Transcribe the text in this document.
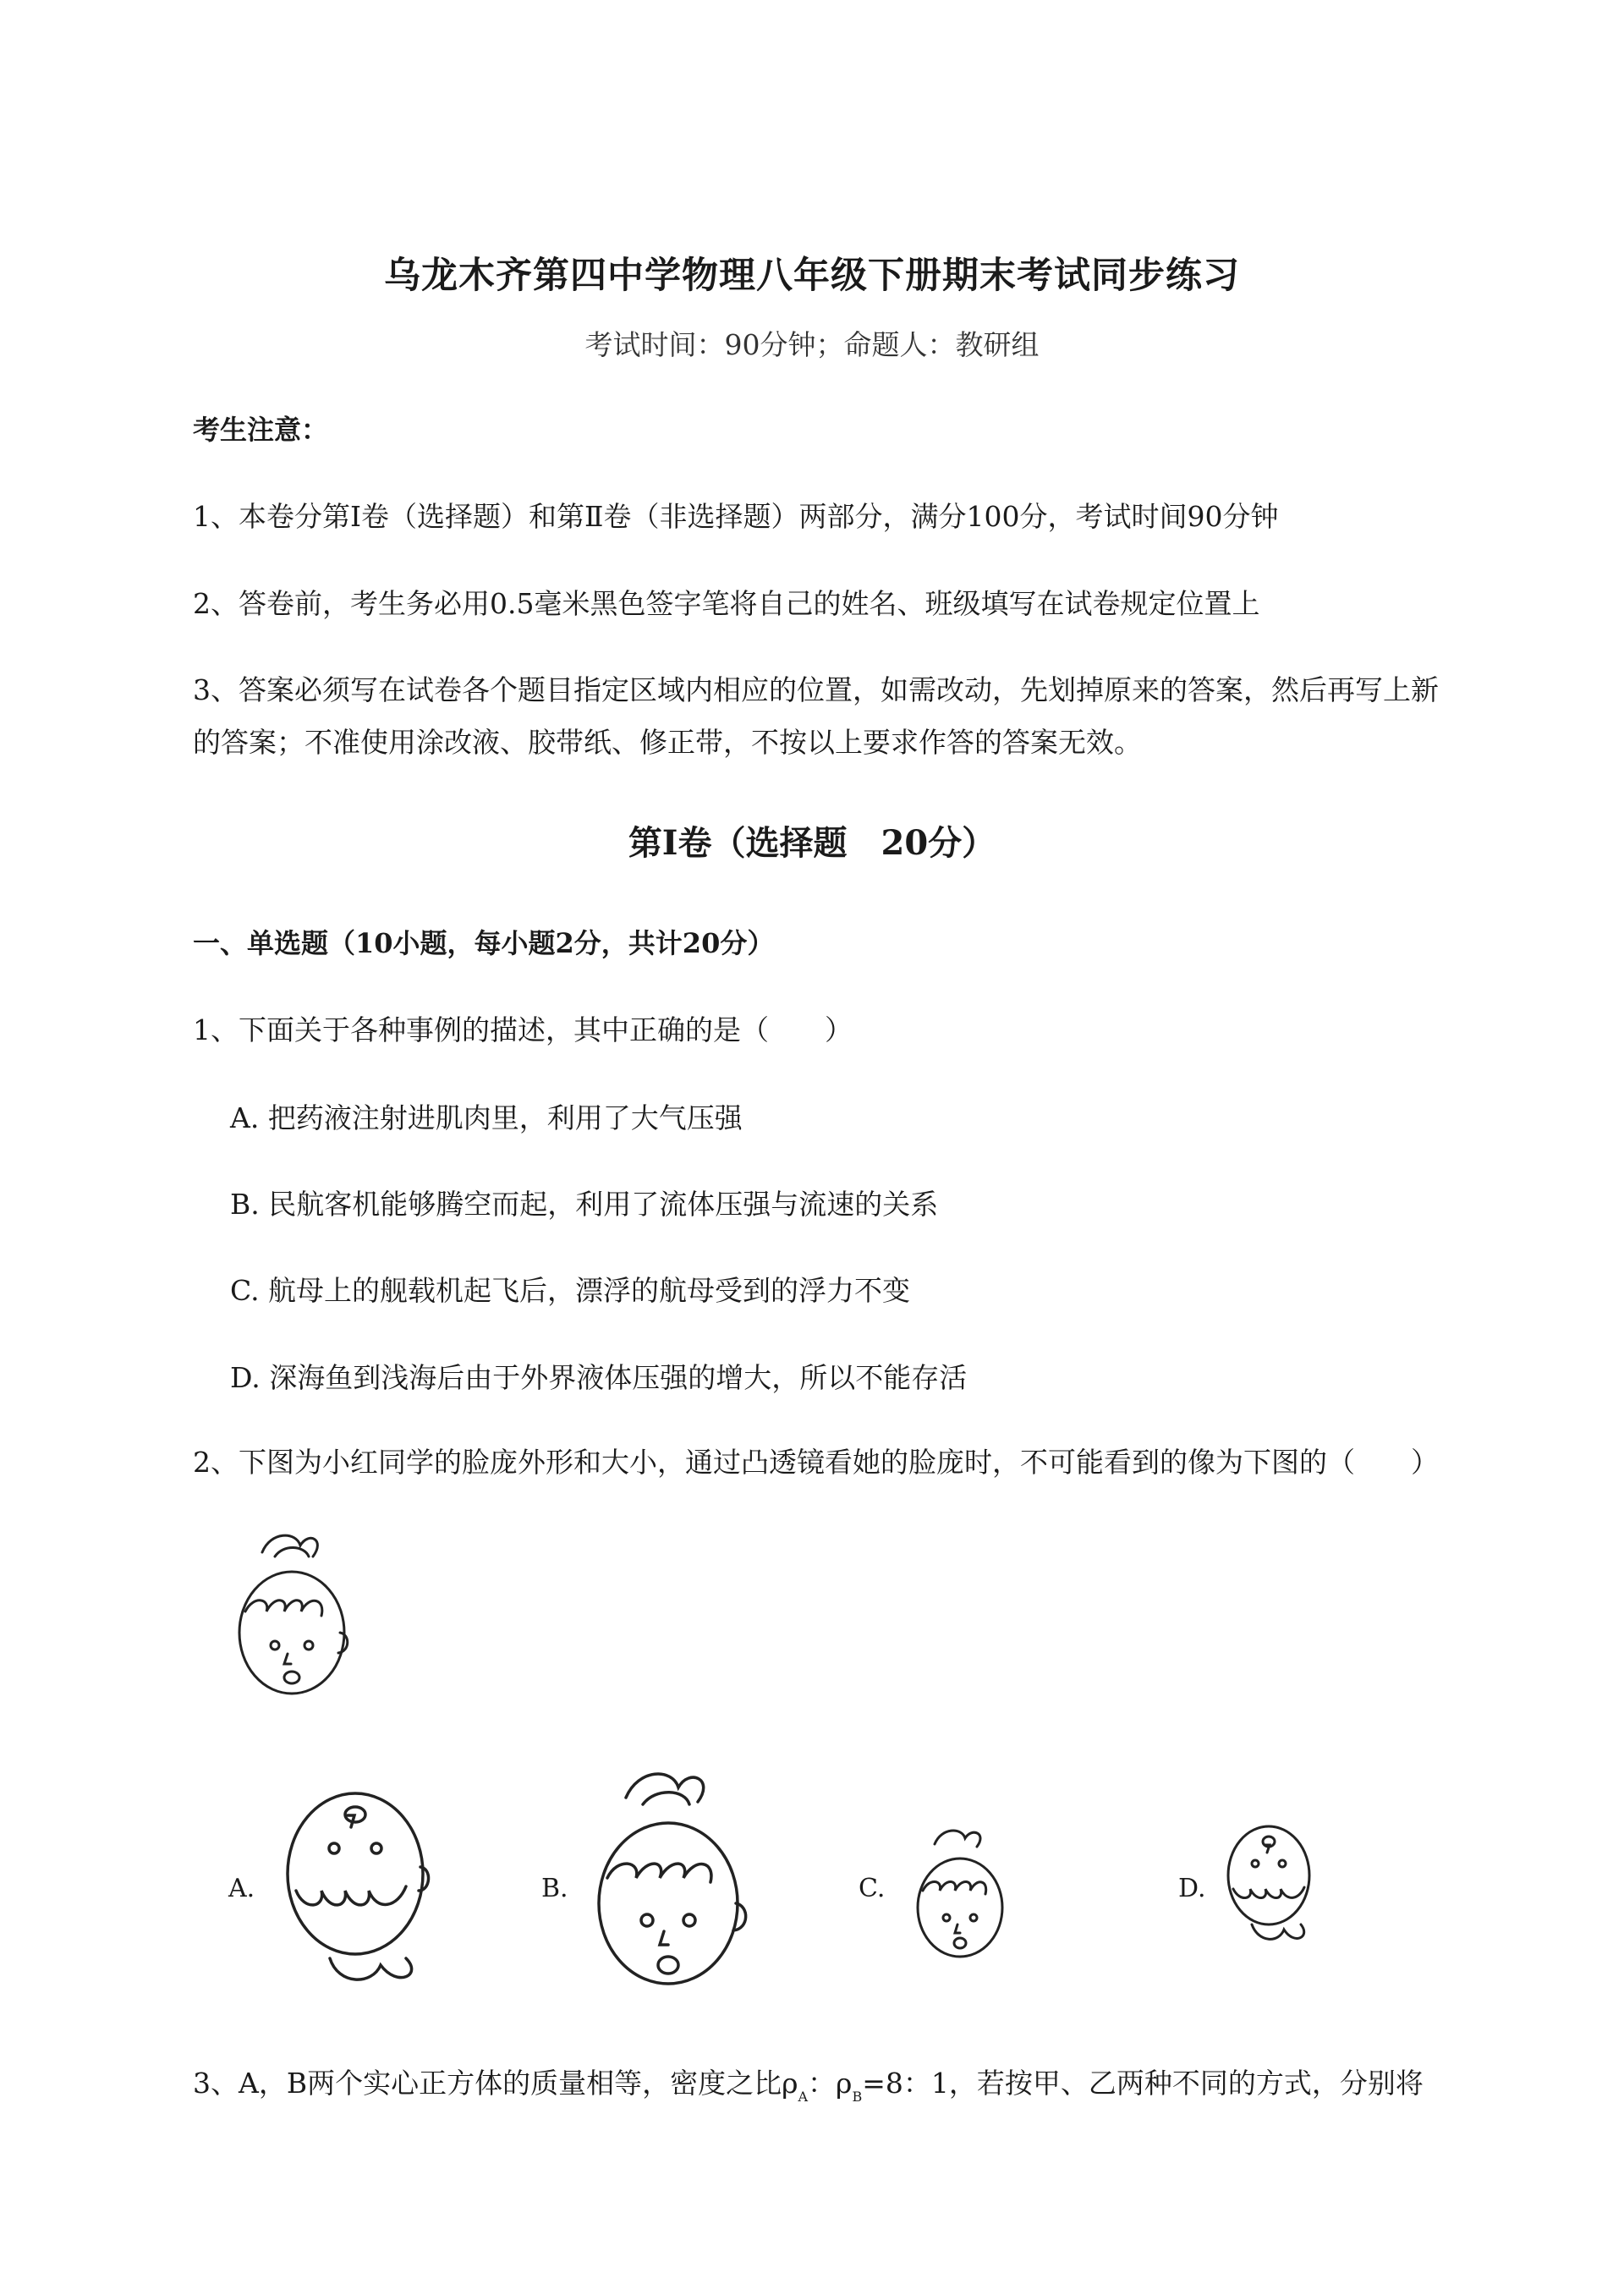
乌龙木齐第四中学物理八年级下册期末考试同步练习
考试时间：90分钟；命题人：教研组
考生注意：
1、本卷分第Ⅰ卷（选择题）和第Ⅱ卷（非选择题）两部分，满分100分，考试时间90分钟
2、答卷前，考生务必用0.5毫米黑色签字笔将自己的姓名、班级填写在试卷规定位置上
3、答案必须写在试卷各个题目指定区域内相应的位置，如需改动，先划掉原来的答案，然后再写上新
的答案；不准使用涂改液、胶带纸、修正带，不按以上要求作答的答案无效。
第Ⅰ卷（选择题　20分）
一、单选题（10小题，每小题2分，共计20分）
1、下面关于各种事例的描述，其中正确的是（　　）
A. 把药液注射进肌肉里，利用了大气压强
B. 民航客机能够腾空而起，利用了流体压强与流速的关系
C. 航母上的舰载机起飞后，漂浮的航母受到的浮力不变
D. 深海鱼到浅海后由于外界液体压强的增大，所以不能存活
2、下图为小红同学的脸庞外形和大小，通过凸透镜看她的脸庞时，不可能看到的像为下图的（　　）
A.	B.	C.	D.
3、A，B两个实心正方体的质量相等，密度之比$\rho_A$：$\rho_B=8$：1，若按甲、乙两种不同的方式，分别将
